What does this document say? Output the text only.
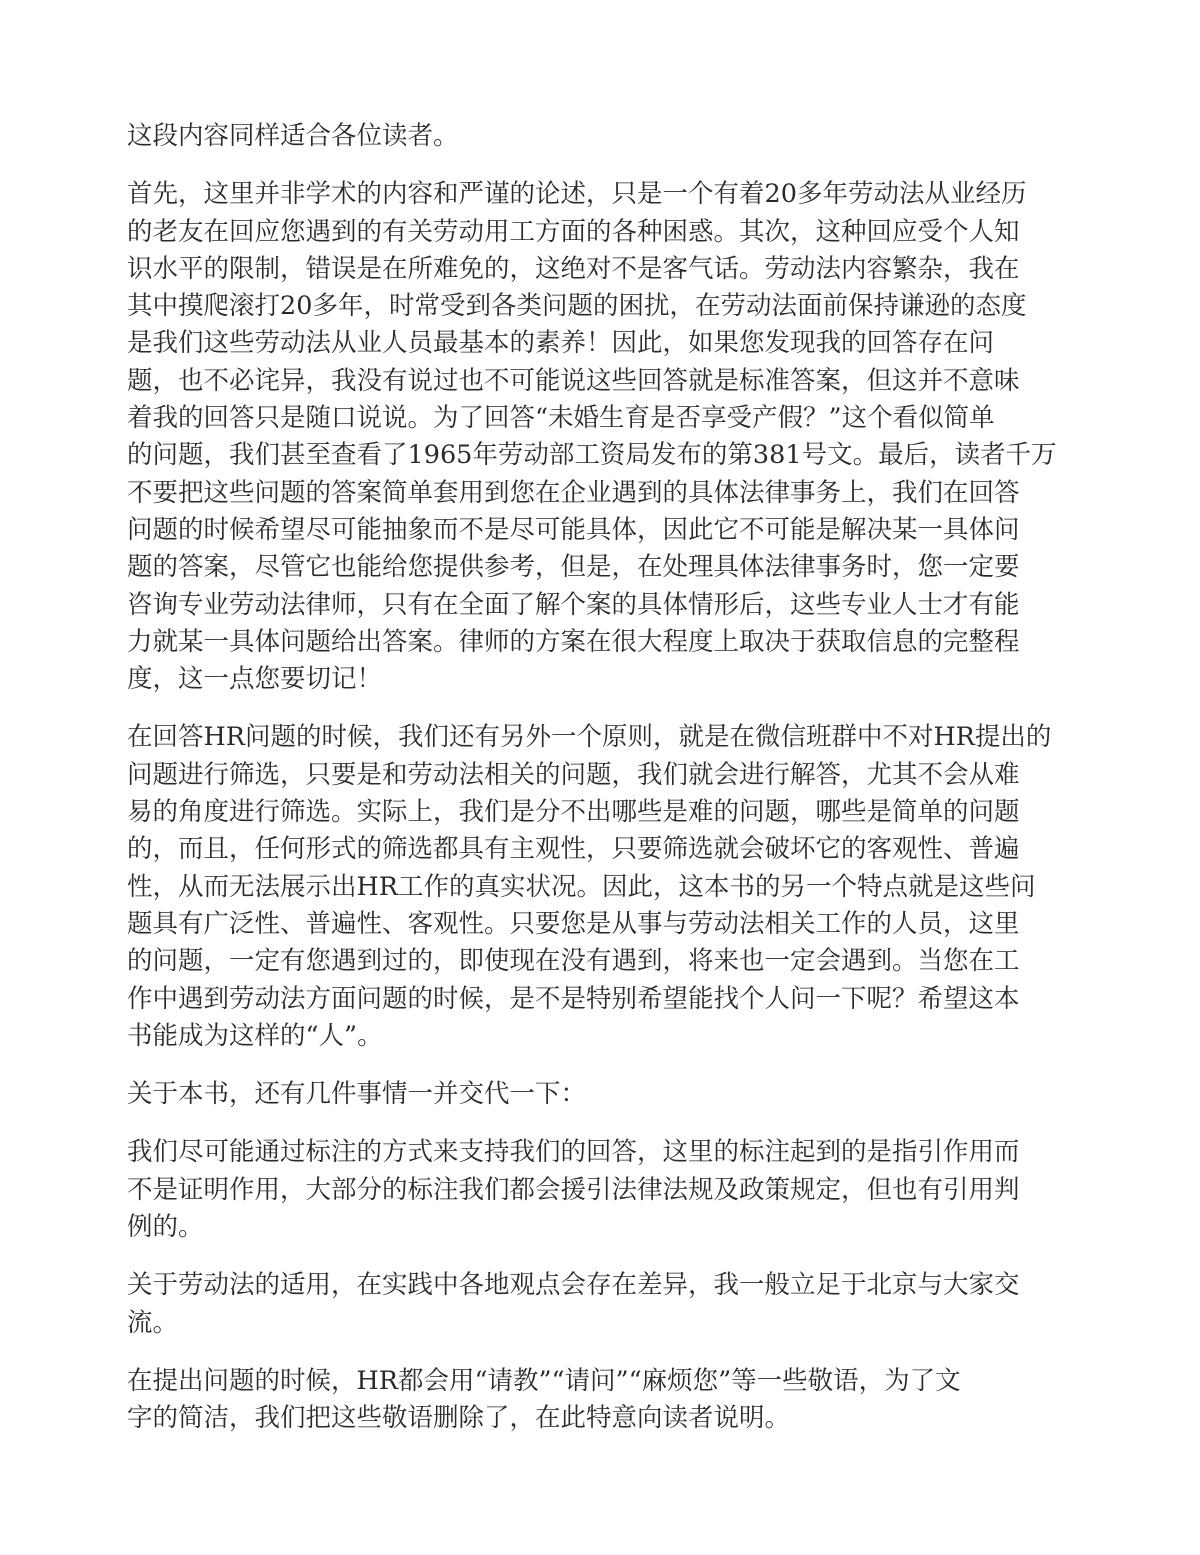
这段内容同样适合各位读者。
首先，这里并非学术的内容和严谨的论述，只是一个有着20多年劳动法从业经历
的老友在回应您遇到的有关劳动用工方面的各种困惑。其次，这种回应受个人知
识水平的限制，错误是在所难免的，这绝对不是客气话。劳动法内容繁杂，我在
其中摸爬滚打20多年，时常受到各类问题的困扰，在劳动法面前保持谦逊的态度
是我们这些劳动法从业人员最基本的素养！因此，如果您发现我的回答存在问
题，也不必诧异，我没有说过也不可能说这些回答就是标准答案，但这并不意味
着我的回答只是随口说说。为了回答“未婚生育是否享受产假？”这个看似简单
的问题，我们甚至查看了1965年劳动部工资局发布的第381号文。最后，读者千万
不要把这些问题的答案简单套用到您在企业遇到的具体法律事务上，我们在回答
问题的时候希望尽可能抽象而不是尽可能具体，因此它不可能是解决某一具体问
题的答案，尽管它也能给您提供参考，但是，在处理具体法律事务时，您一定要
咨询专业劳动法律师，只有在全面了解个案的具体情形后，这些专业人士才有能
力就某一具体问题给出答案。律师的方案在很大程度上取决于获取信息的完整程
度，这一点您要切记！
在回答HR问题的时候，我们还有另外一个原则，就是在微信班群中不对HR提出的
问题进行筛选，只要是和劳动法相关的问题，我们就会进行解答，尤其不会从难
易的角度进行筛选。实际上，我们是分不出哪些是难的问题，哪些是简单的问题
的，而且，任何形式的筛选都具有主观性，只要筛选就会破坏它的客观性、普遍
性，从而无法展示出HR工作的真实状况。因此，这本书的另一个特点就是这些问
题具有广泛性、普遍性、客观性。只要您是从事与劳动法相关工作的人员，这里
的问题，一定有您遇到过的，即使现在没有遇到，将来也一定会遇到。当您在工
作中遇到劳动法方面问题的时候，是不是特别希望能找个人问一下呢？希望这本
书能成为这样的“人”。
关于本书，还有几件事情一并交代一下：
我们尽可能通过标注的方式来支持我们的回答，这里的标注起到的是指引作用而
不是证明作用，大部分的标注我们都会援引法律法规及政策规定，但也有引用判
例的。
关于劳动法的适用，在实践中各地观点会存在差异，我一般立足于北京与大家交
流。
在提出问题的时候，HR都会用“请教”“请问”“麻烦您”等一些敬语，为了文
字的简洁，我们把这些敬语删除了，在此特意向读者说明。
